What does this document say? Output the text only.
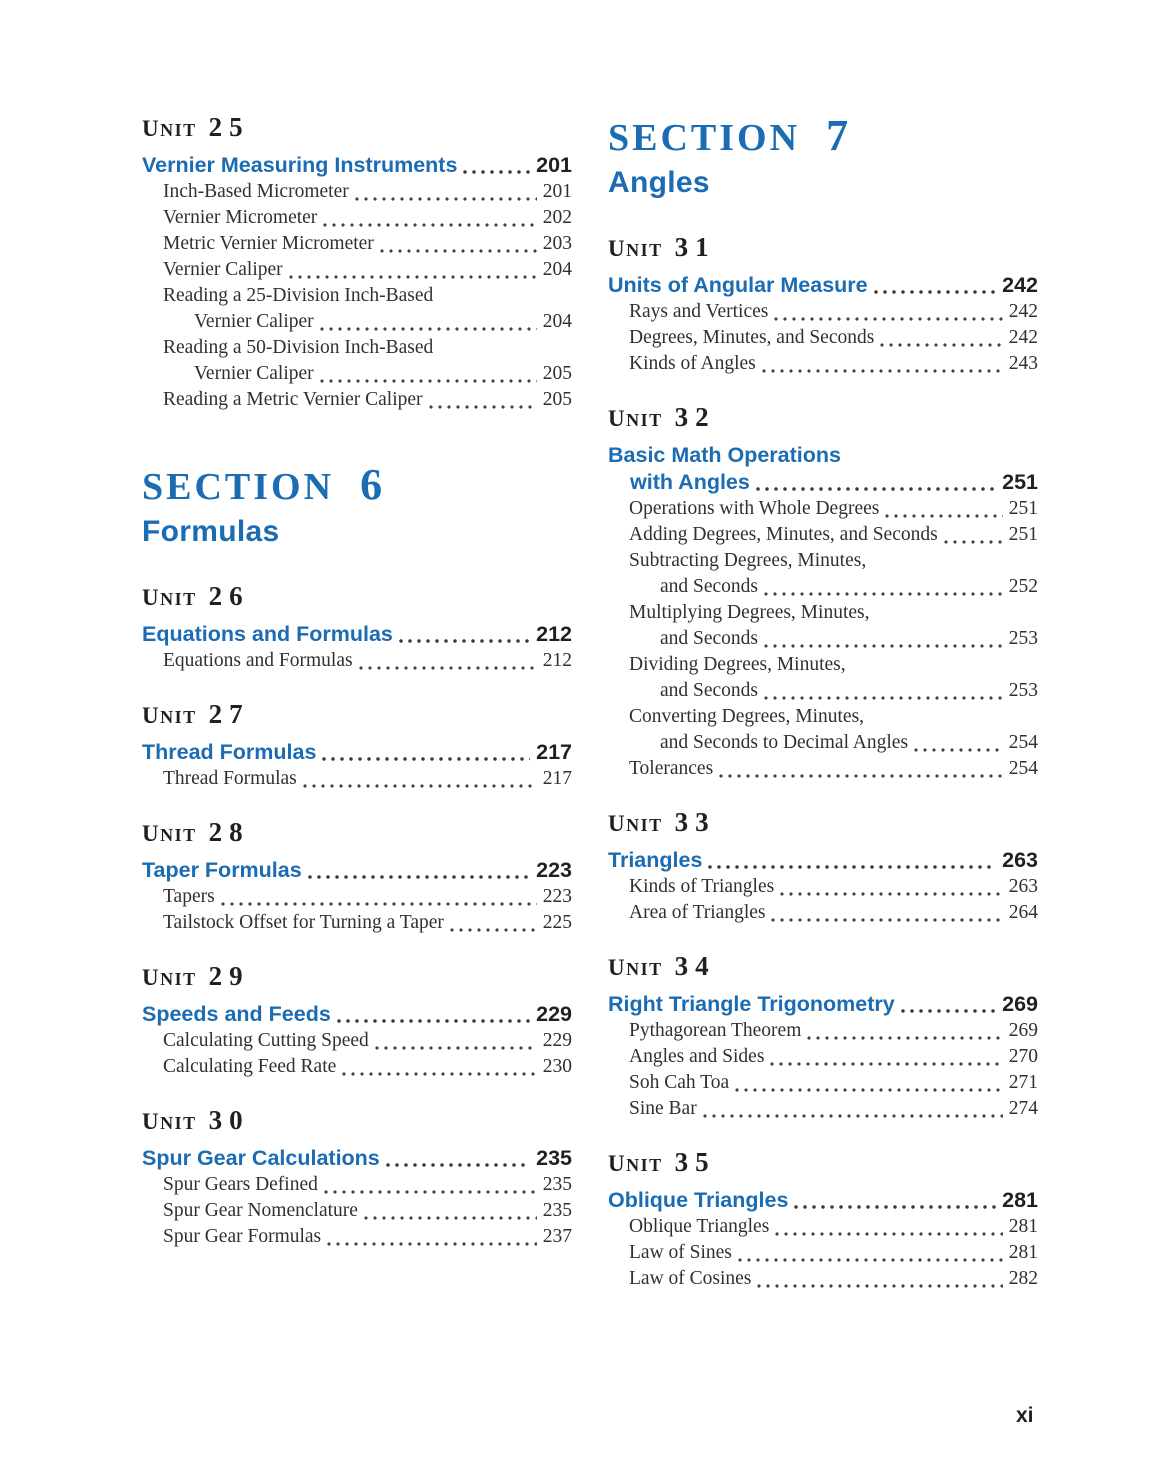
UNIT 25
Vernier Measuring Instruments	201
Inch-Based Micrometer	201
Vernier Micrometer	202
Metric Vernier Micrometer	203
Vernier Caliper	204
Reading a 25-Division Inch-Based
Vernier Caliper	204
Reading a 50-Division Inch-Based
Vernier Caliper	205
Reading a Metric Vernier Caliper	205
SECTION 6
Formulas
UNIT 26
Equations and Formulas	212
Equations and Formulas	212
UNIT 27
Thread Formulas	217
Thread Formulas	217
UNIT 28
Taper Formulas	223
Tapers	223
Tailstock Offset for Turning a Taper	225
UNIT 29
Speeds and Feeds	229
Calculating Cutting Speed	229
Calculating Feed Rate	230
UNIT 30
Spur Gear Calculations	235
Spur Gears Defined	235
Spur Gear Nomenclature	235
Spur Gear Formulas	237
SECTION 7
Angles
UNIT 31
Units of Angular Measure	242
Rays and Vertices	242
Degrees, Minutes, and Seconds	242
Kinds of Angles	243
UNIT 32
Basic Math Operations
with Angles	251
Operations with Whole Degrees	251
Adding Degrees, Minutes, and Seconds	251
Subtracting Degrees, Minutes,
and Seconds	252
Multiplying Degrees, Minutes,
and Seconds	253
Dividing Degrees, Minutes,
and Seconds	253
Converting Degrees, Minutes,
and Seconds to Decimal Angles	254
Tolerances	254
UNIT 33
Triangles	263
Kinds of Triangles	263
Area of Triangles	264
UNIT 34
Right Triangle Trigonometry	269
Pythagorean Theorem	269
Angles and Sides	270
Soh Cah Toa	271
Sine Bar	274
UNIT 35
Oblique Triangles	281
Oblique Triangles	281
Law of Sines	281
Law of Cosines	282
xi
